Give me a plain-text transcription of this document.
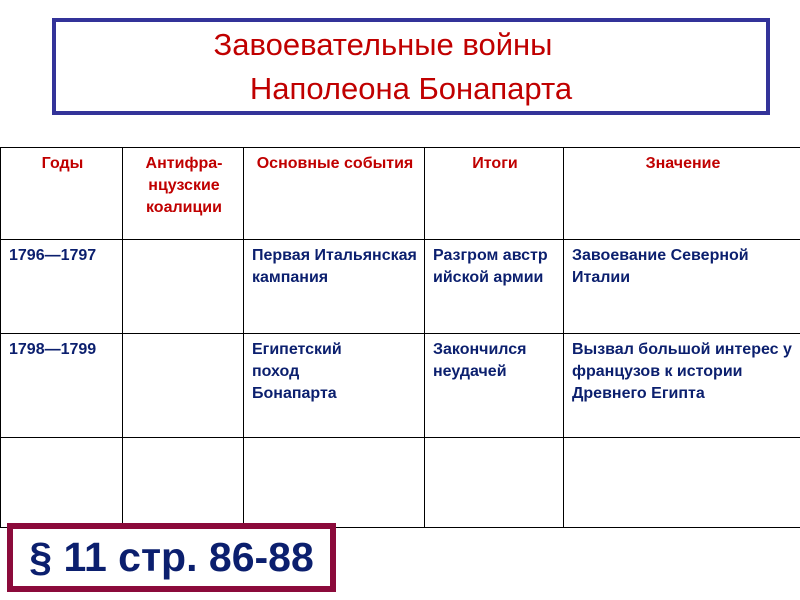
Завоевательные войны
Наполеона Бонапарта
Годы	Антифра-нцузские коалиции	Основные события	Итоги	Значение
1796—1797		Первая Итальянская кампания	Разгром австрийской армии	Завоевание Северной Италии
1798—1799		Египетский поход Бонапарта	Закончился неудачей	Вызвал большой интерес у французов к истории Древнего Египта

§ 11 стр. 86-88
